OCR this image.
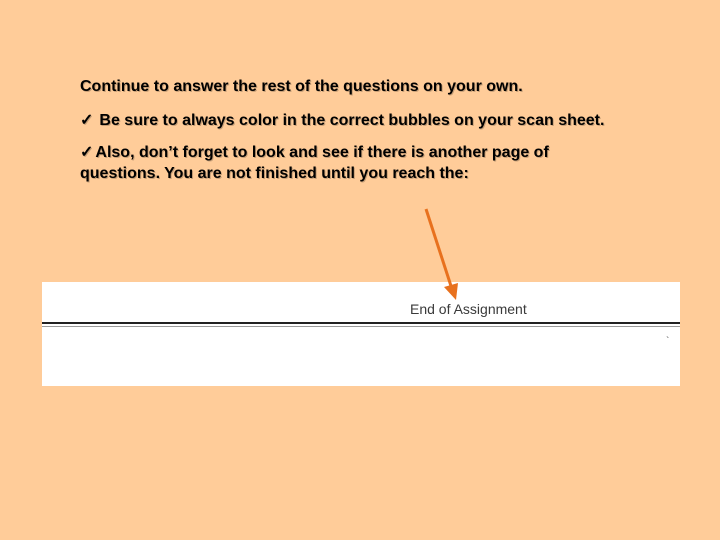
Continue to answer the rest of the questions on your own.
✓ Be sure to always color in the correct bubbles on your scan sheet.
✓ Also, don’t forget to look and see if there is another page of
questions. You are not finished until you reach the:
End of Assignment
`
